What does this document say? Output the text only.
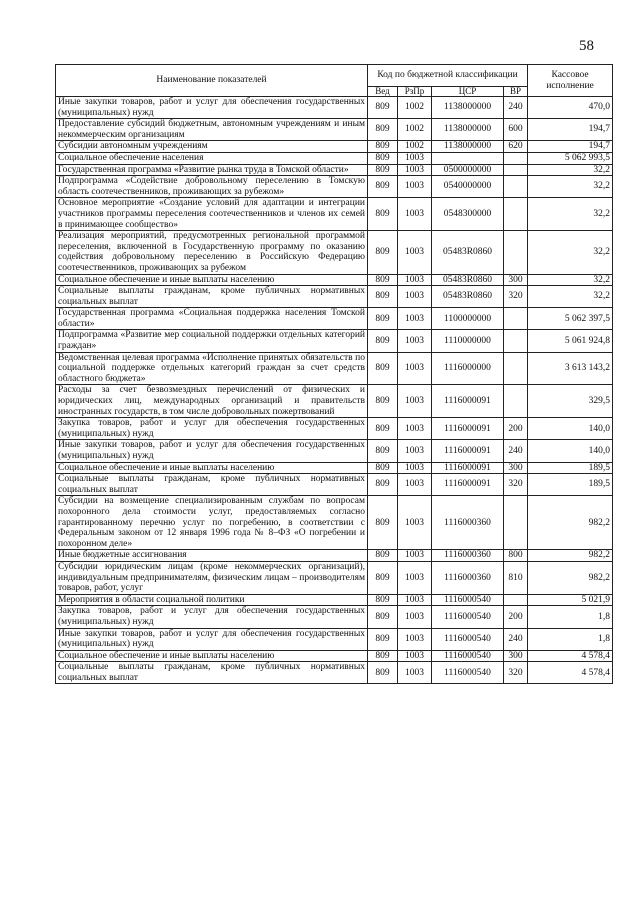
58
Наименование показателей	Код по бюджетной классификации				Кассовое исполнение
	Вед	РзПр	ЦСР	ВР	
Иные закупки товаров, работ и услуг для обеспечения государственных (муниципальных) нужд	809	1002	1138000000	240	470,0
Предоставление субсидий бюджетным, автономным учреждениям и иным некоммерческим организациям	809	1002	1138000000	600	194,7
Субсидии автономным учреждениям	809	1002	1138000000	620	194,7
Социальное обеспечение населения	809	1003			5 062 993,5
Государственная программа «Развитие рынка труда в Томской области»	809	1003	0500000000		32,2
Подпрограмма «Содействие добровольному переселению в Томскую область соотечественников, проживающих за рубежом»	809	1003	0540000000		32,2
Основное мероприятие «Создание условий для адаптации и интеграции участников программы переселения соотечественников и членов их семей в принимающее сообщество»	809	1003	0548300000		32,2
Реализация мероприятий, предусмотренных региональной программой переселения, включенной в Государственную программу по оказанию содействия добровольному переселению в Российскую Федерацию соотечественников, проживающих за рубежом	809	1003	05483R0860		32,2
Социальное обеспечение и иные выплаты населению	809	1003	05483R0860	300	32,2
Социальные выплаты гражданам, кроме публичных нормативных социальных выплат	809	1003	05483R0860	320	32,2
Государственная программа «Социальная поддержка населения Томской области»	809	1003	1100000000		5 062 397,5
Подпрограмма «Развитие мер социальной поддержки отдельных категорий граждан»	809	1003	1110000000		5 061 924,8
Ведомственная целевая программа «Исполнение принятых обязательств по социальной поддержке отдельных категорий граждан за счет средств областного бюджета»	809	1003	1116000000		3 613 143,2
Расходы за счет безвозмездных перечислений от физических и юридических лиц, международных организаций и правительств иностранных государств, в том числе добровольных пожертвований	809	1003	1116000091		329,5
Закупка товаров, работ и услуг для обеспечения государственных (муниципальных) нужд	809	1003	1116000091	200	140,0
Иные закупки товаров, работ и услуг для обеспечения государственных (муниципальных) нужд	809	1003	1116000091	240	140,0
Социальное обеспечение и иные выплаты населению	809	1003	1116000091	300	189,5
Социальные выплаты гражданам, кроме публичных нормативных социальных выплат	809	1003	1116000091	320	189,5
Субсидии на возмещение специализированным службам по вопросам похоронного дела стоимости услуг, предоставляемых согласно гарантированному перечню услуг по погребению, в соответствии с Федеральным законом от 12 января 1996 года № 8–ФЗ «О погребении и похоронном деле»	809	1003	1116000360		982,2
Иные бюджетные ассигнования	809	1003	1116000360	800	982,2
Субсидии юридическим лицам (кроме некоммерческих организаций), индивидуальным предпринимателям, физическим лицам – производителям товаров, работ, услуг	809	1003	1116000360	810	982,2
Мероприятия в области социальной политики	809	1003	1116000540		5 021,9
Закупка товаров, работ и услуг для обеспечения государственных (муниципальных) нужд	809	1003	1116000540	200	1,8
Иные закупки товаров, работ и услуг для обеспечения государственных (муниципальных) нужд	809	1003	1116000540	240	1,8
Социальное обеспечение и иные выплаты населению	809	1003	1116000540	300	4 578,4
Социальные выплаты гражданам, кроме публичных нормативных социальных выплат	809	1003	1116000540	320	4 578,4
